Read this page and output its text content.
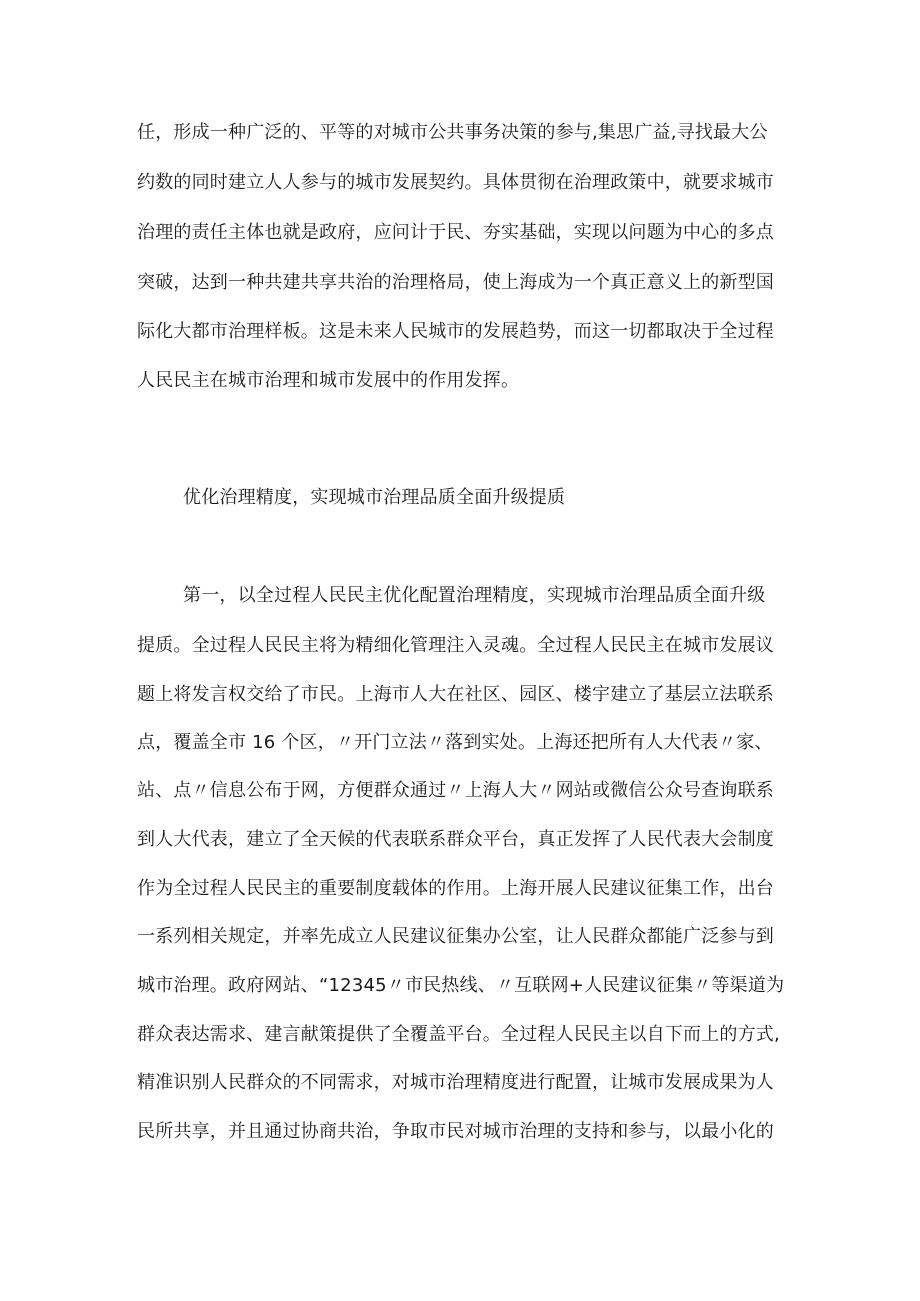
任，形成一种广泛的、平等的对城市公共事务决策的参与,集思广益,寻找最大公
约数的同时建立人人参与的城市发展契约。具体贯彻在治理政策中，就要求城市
治理的责任主体也就是政府，应问计于民、夯实基础，实现以问题为中心的多点
突破，达到一种共建共享共治的治理格局，使上海成为一个真正意义上的新型国
际化大都市治理样板。这是未来人民城市的发展趋势，而这一切都取决于全过程
人民民主在城市治理和城市发展中的作用发挥。
优化治理精度，实现城市治理品质全面升级提质
第一，以全过程人民民主优化配置治理精度，实现城市治理品质全面升级
提质。全过程人民民主将为精细化管理注入灵魂。全过程人民民主在城市发展议
题上将发言权交给了市民。上海市人大在社区、园区、楼宇建立了基层立法联系
点，覆盖全市 16 个区，〃开门立法〃落到实处。上海还把所有人大代表〃家、
站、点〃信息公布于网，方便群众通过〃上海人大〃网站或微信公众号查询联系
到人大代表，建立了全天候的代表联系群众平台，真正发挥了人民代表大会制度
作为全过程人民民主的重要制度载体的作用。上海开展人民建议征集工作，出台
一系列相关规定，并率先成立人民建议征集办公室，让人民群众都能广泛参与到
城市治理。政府网站、“12345〃市民热线、〃互联网+人民建议征集〃等渠道为
群众表达需求、建言献策提供了全覆盖平台。全过程人民民主以自下而上的方式,
精准识别人民群众的不同需求，对城市治理精度进行配置，让城市发展成果为人
民所共享，并且通过协商共治，争取市民对城市治理的支持和参与，以最小化的
